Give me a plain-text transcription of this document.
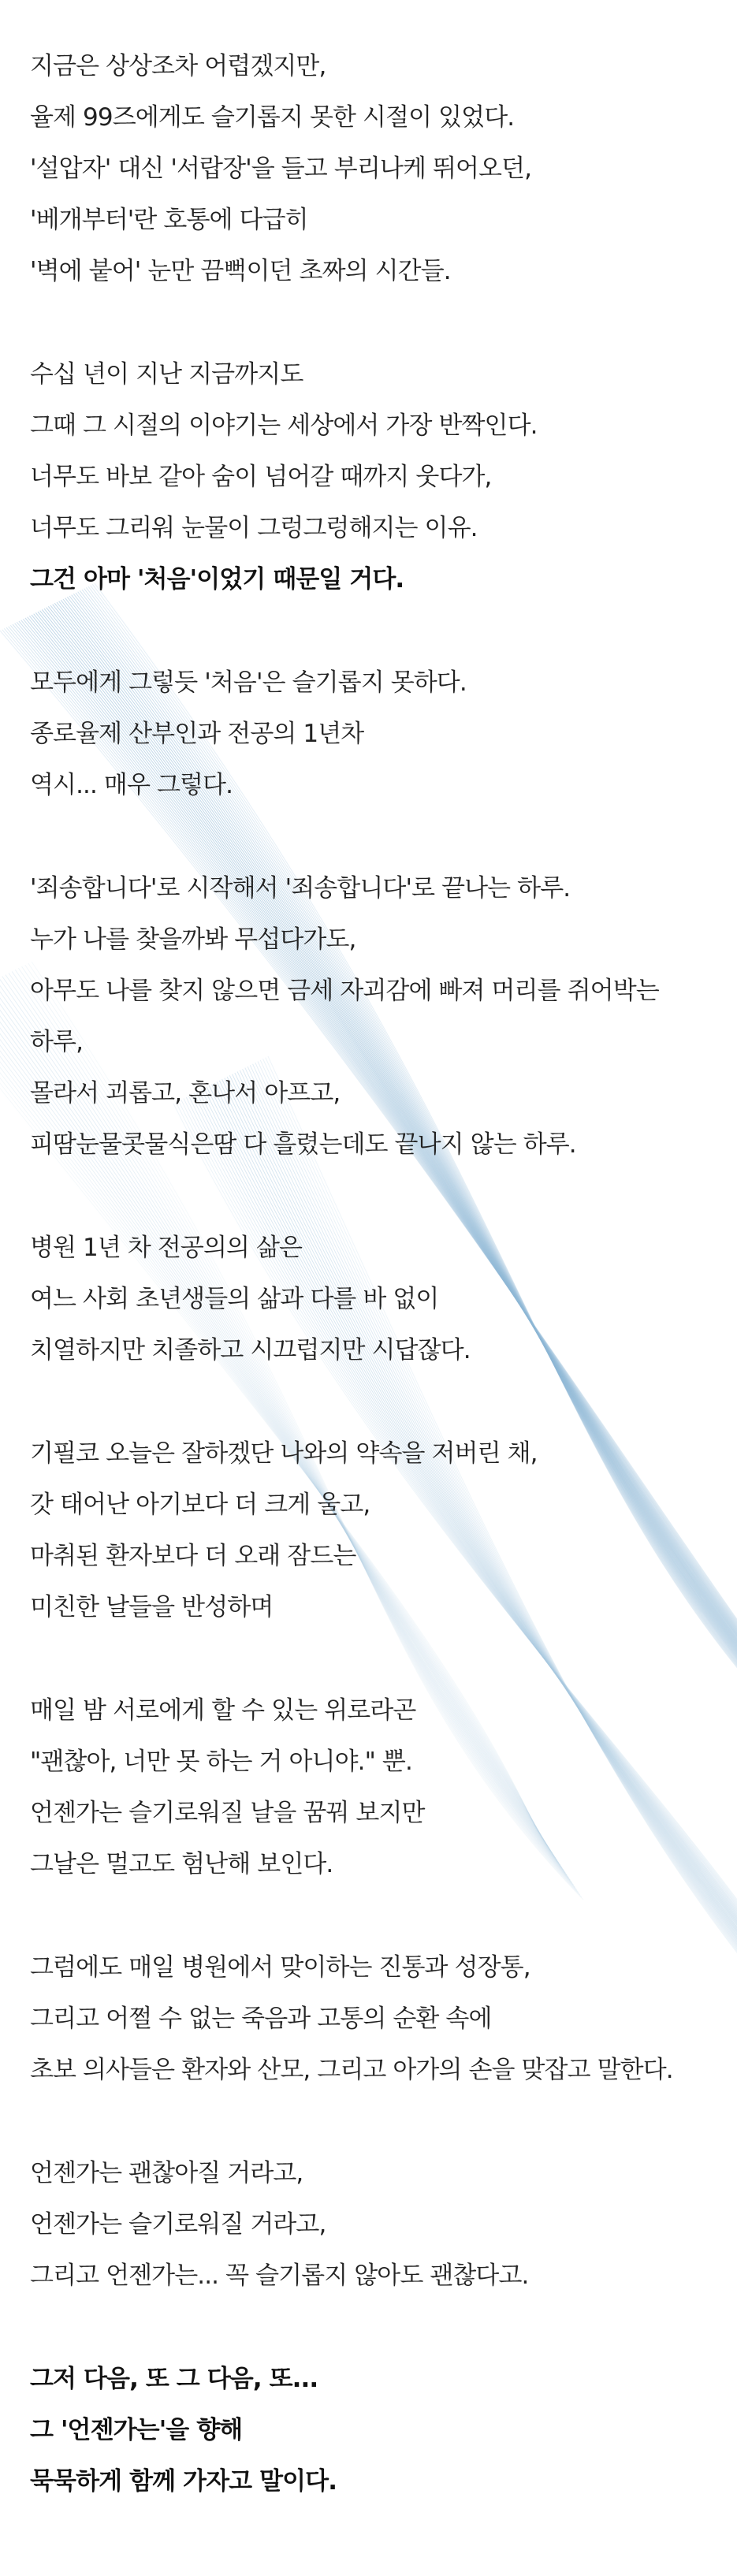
지금은 상상조차 어렵겠지만,
율제 99즈에게도 슬기롭지 못한 시절이 있었다.
'설압자' 대신 '서랍장'을 들고 부리나케 뛰어오던,
'베개부터'란 호통에 다급히
'벽에 붙어' 눈만 끔뻑이던 초짜의 시간들.
수십 년이 지난 지금까지도
그때 그 시절의 이야기는 세상에서 가장 반짝인다.
너무도 바보 같아 숨이 넘어갈 때까지 웃다가,
너무도 그리워 눈물이 그렁그렁해지는 이유.
그건 아마 '처음'이었기 때문일 거다.
모두에게 그렇듯 '처음'은 슬기롭지 못하다.
종로율제 산부인과 전공의 1년차
역시... 매우 그렇다.
'죄송합니다'로 시작해서 '죄송합니다'로 끝나는 하루.
누가 나를 찾을까봐 무섭다가도,
아무도 나를 찾지 않으면 금세 자괴감에 빠져 머리를 쥐어박는
하루,
몰라서 괴롭고, 혼나서 아프고,
피땀눈물콧물식은땀 다 흘렸는데도 끝나지 않는 하루.
병원 1년 차 전공의의 삶은
여느 사회 초년생들의 삶과 다를 바 없이
치열하지만 치졸하고 시끄럽지만 시답잖다.
기필코 오늘은 잘하겠단 나와의 약속을 저버린 채,
갓 태어난 아기보다 더 크게 울고,
마취된 환자보다 더 오래 잠드는
미친한 날들을 반성하며
매일 밤 서로에게 할 수 있는 위로라곤
"괜찮아, 너만 못 하는 거 아니야." 뿐.
언젠가는 슬기로워질 날을 꿈꿔 보지만
그날은 멀고도 험난해 보인다.
그럼에도 매일 병원에서 맞이하는 진통과 성장통,
그리고 어쩔 수 없는 죽음과 고통의 순환 속에
초보 의사들은 환자와 산모, 그리고 아가의 손을 맞잡고 말한다.
언젠가는 괜찮아질 거라고,
언젠가는 슬기로워질 거라고,
그리고 언젠가는... 꼭 슬기롭지 않아도 괜찮다고.
그저 다음, 또 그 다음, 또...
그 '언젠가는'을 향해
묵묵하게 함께 가자고 말이다.
